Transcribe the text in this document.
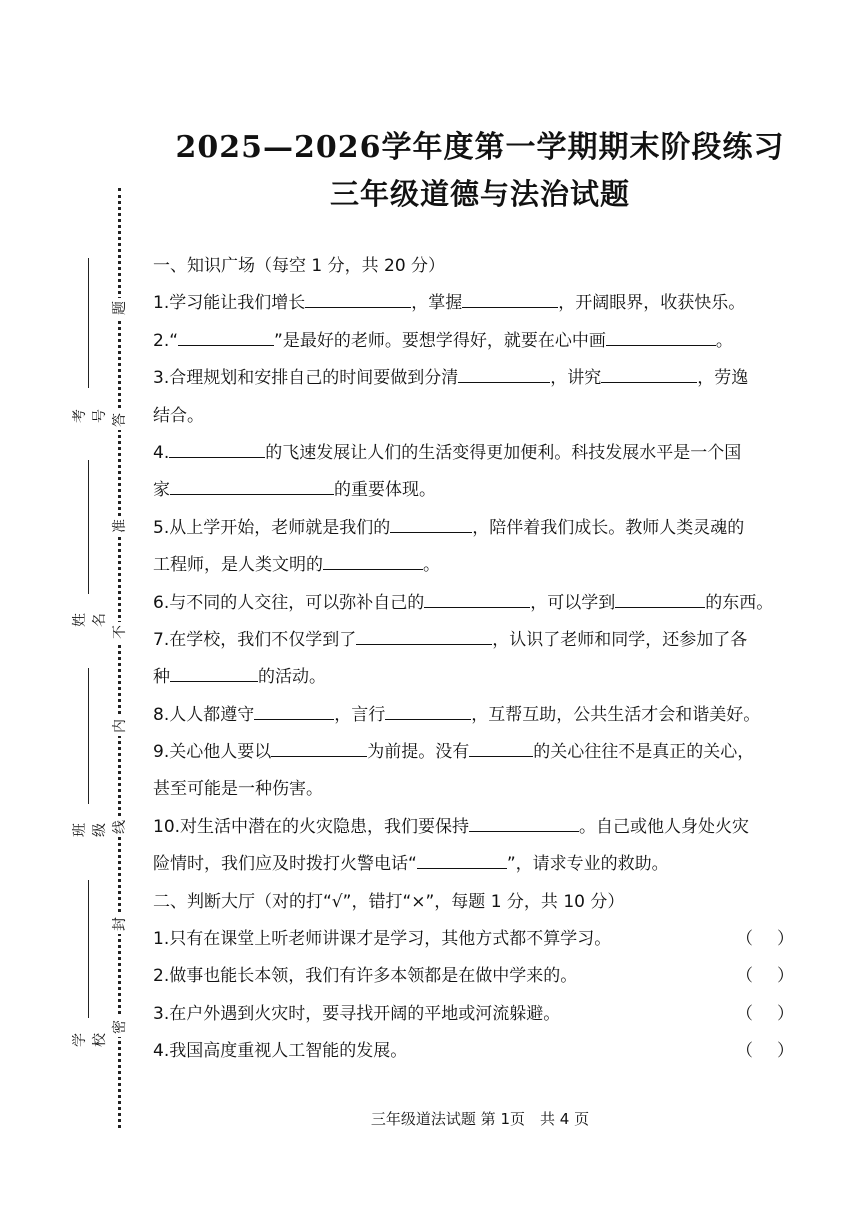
题
答
准
不
内
线
封
密
考号
姓名
班级
学校
2025—2026学年度第一学期期末阶段练习
三年级道德与法治试题
一、知识广场（每空 1 分，共 20 分）
1.学习能让我们增长	，掌握	，开阔眼界，收获快乐。
2.“	”是最好的老师。要想学得好，就要在心中画	。
3.合理规划和安排自己的时间要做到分清	，讲究	，劳逸
结合。
4.	的飞速发展让人们的生活变得更加便利。科技发展水平是一个国
家	的重要体现。
5.从上学开始，老师就是我们的	，陪伴着我们成长。教师人类灵魂的
工程师，是人类文明的	。
6.与不同的人交往，可以弥补自己的	，可以学到	的东西。
7.在学校，我们不仅学到了	，认识了老师和同学，还参加了各
种	的活动。
8.人人都遵守	，言行	，互帮互助，公共生活才会和谐美好。
9.关心他人要以	为前提。没有	的关心往往不是真正的关心，
甚至可能是一种伤害。
10.对生活中潜在的火灾隐患，我们要保持	。自己或他人身处火灾
险情时，我们应及时拨打火警电话“	”，请求专业的救助。
二、判断大厅（对的打“√”，错打“×”，每题 1 分，共 10 分）
1.只有在课堂上听老师讲课才是学习，其他方式都不算学习。	（ ）
2.做事也能长本领，我们有许多本领都是在做中学来的。	（ ）
3.在户外遇到火灾时，要寻找开阔的平地或河流躲避。	（ ）
4.我国高度重视人工智能的发展。	（ ）
三年级道法试题 第 1页　共 4 页
